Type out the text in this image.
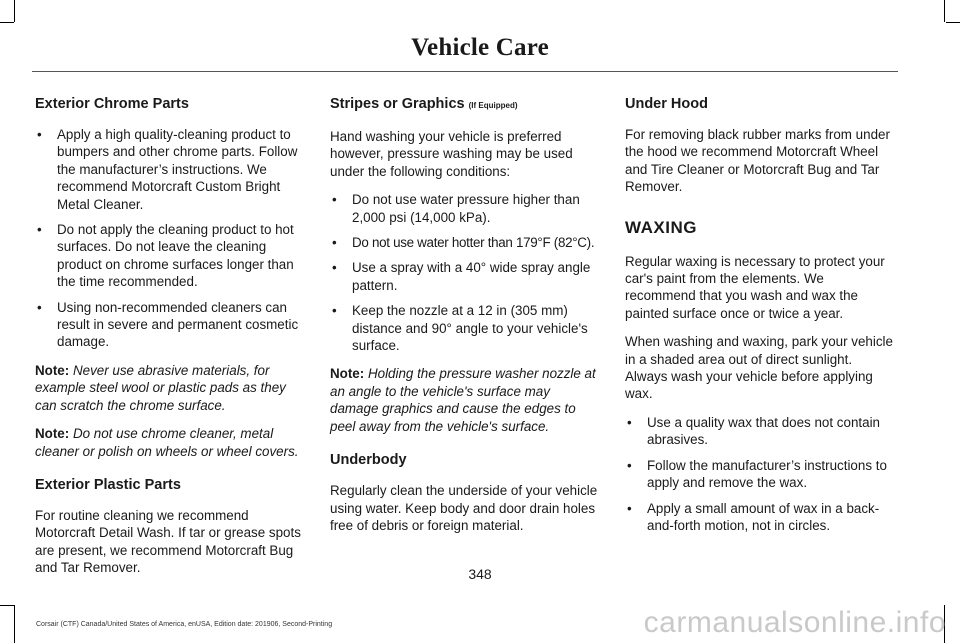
Vehicle Care
Exterior Chrome Parts
• Apply a high quality-cleaning product to bumpers and other chrome parts. Follow the manufacturer’s instructions. We recommend Motorcraft Custom Bright Metal Cleaner.
• Do not apply the cleaning product to hot surfaces. Do not leave the cleaning product on chrome surfaces longer than the time recommended.
• Using non-recommended cleaners can result in severe and permanent cosmetic damage.

Note: Never use abrasive materials, for example steel wool or plastic pads as they can scratch the chrome surface.

Note: Do not use chrome cleaner, metal cleaner or polish on wheels or wheel covers.

Exterior Plastic Parts

For routine cleaning we recommend Motorcraft Detail Wash. If tar or grease spots are present, we recommend Motorcraft Bug and Tar Remover.

Stripes or Graphics (If Equipped)

Hand washing your vehicle is preferred however, pressure washing may be used under the following conditions:

• Do not use water pressure higher than 2,000 psi (14,000 kPa).
• Do not use water hotter than 179°F (82°C).
• Use a spray with a 40° wide spray angle pattern.
• Keep the nozzle at a 12 in (305 mm) distance and 90° angle to your vehicle's surface.

Note: Holding the pressure washer nozzle at an angle to the vehicle's surface may damage graphics and cause the edges to peel away from the vehicle's surface.

Underbody

Regularly clean the underside of your vehicle using water. Keep body and door drain holes free of debris or foreign material.

Under Hood

For removing black rubber marks from under the hood we recommend Motorcraft Wheel and Tire Cleaner or Motorcraft Bug and Tar Remover.

WAXING

Regular waxing is necessary to protect your car's paint from the elements. We recommend that you wash and wax the painted surface once or twice a year.

When washing and waxing, park your vehicle in a shaded area out of direct sunlight. Always wash your vehicle before applying wax.

• Use a quality wax that does not contain abrasives.
• Follow the manufacturer’s instructions to apply and remove the wax.
• Apply a small amount of wax in a back-and-forth motion, not in circles.
348
Corsair (CTF) Canada/United States of America, enUSA, Edition date: 201906, Second-Printing	carmanualsonline.info
